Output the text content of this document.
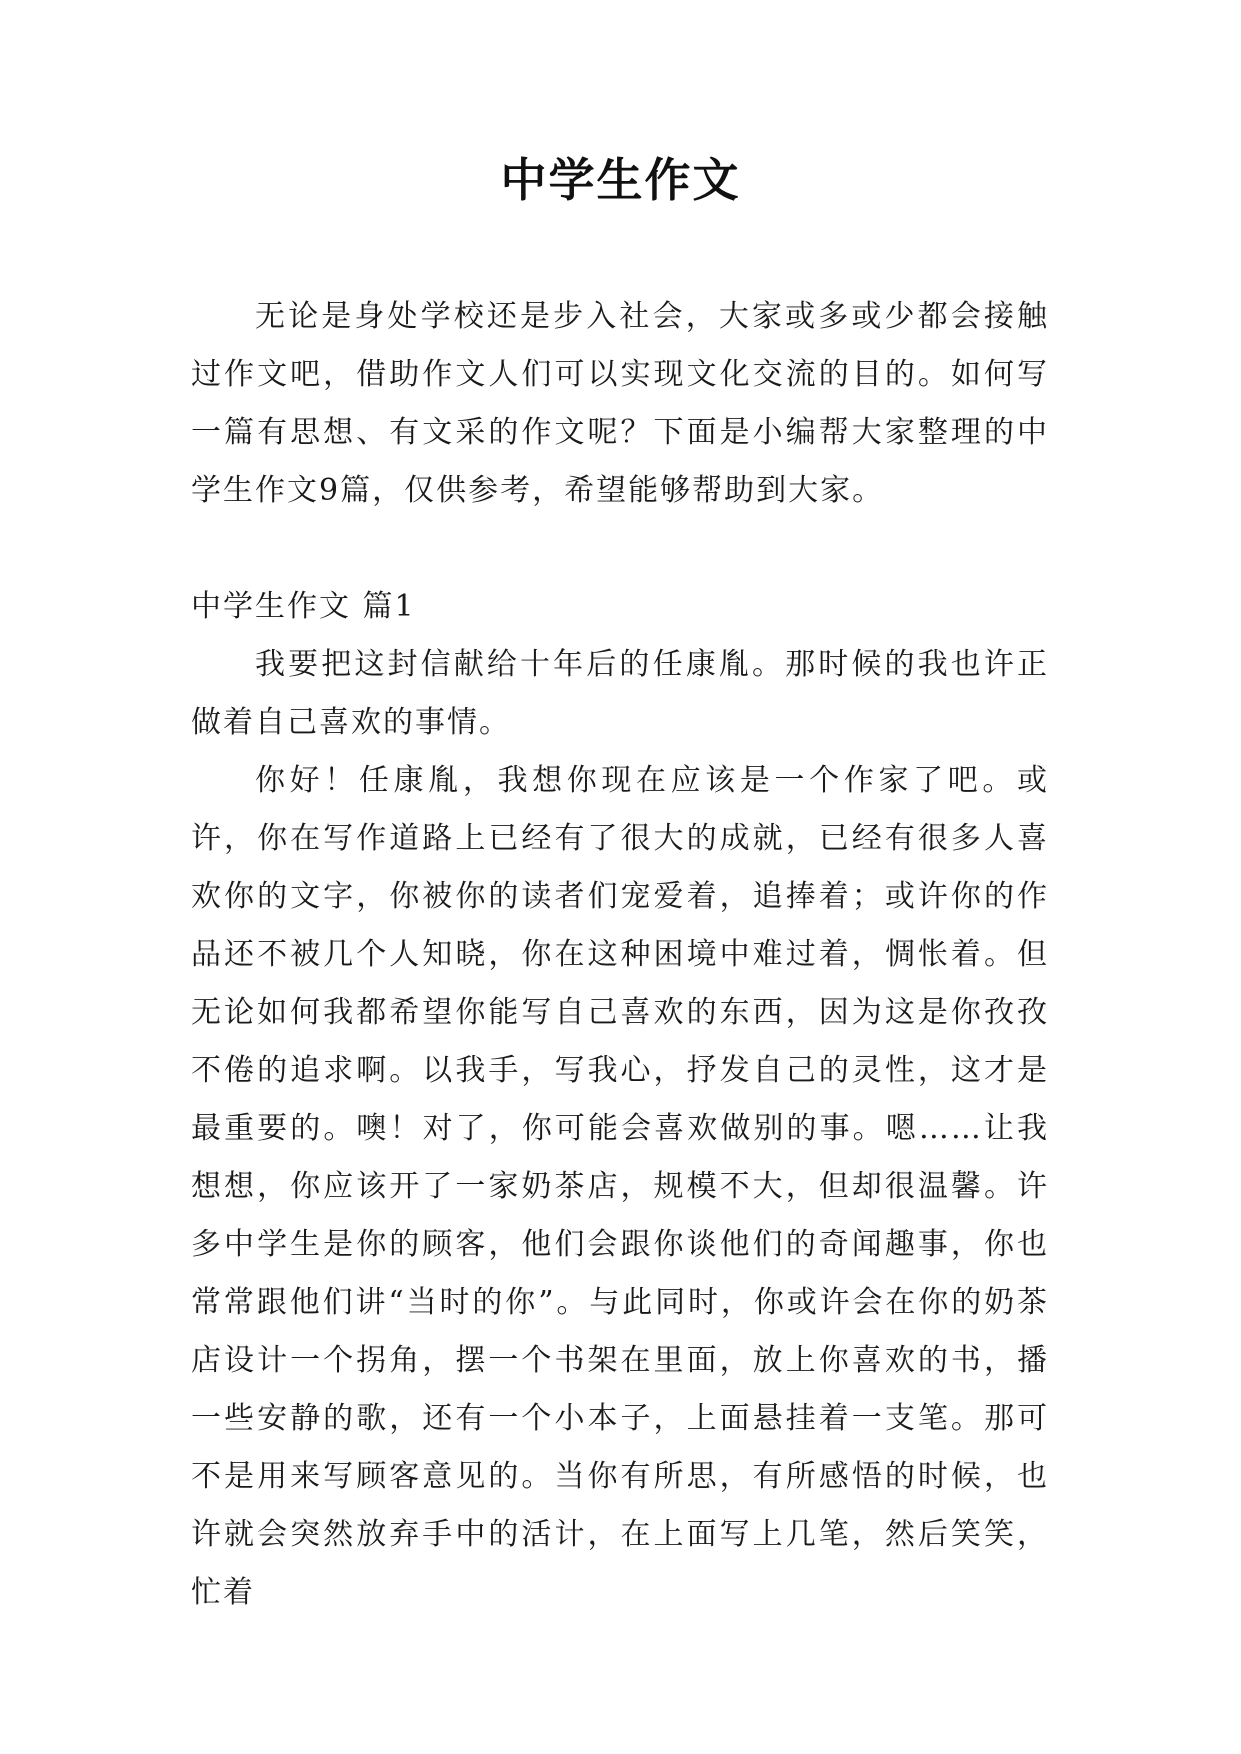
中学生作文

无论是身处学校还是步入社会，大家或多或少都会接触过作文吧，借助作文人们可以实现文化交流的目的。如何写一篇有思想、有文采的作文呢？下面是小编帮大家整理的中学生作文9篇，仅供参考，希望能够帮助到大家。

中学生作文 篇1

我要把这封信献给十年后的任康胤。那时候的我也许正做着自己喜欢的事情。

你好！任康胤，我想你现在应该是一个作家了吧。或许，你在写作道路上已经有了很大的成就，已经有很多人喜欢你的文字，你被你的读者们宠爱着，追捧着；或许你的作品还不被几个人知晓，你在这种困境中难过着，惆怅着。但无论如何我都希望你能写自己喜欢的东西，因为这是你孜孜不倦的追求啊。以我手，写我心，抒发自己的灵性，这才是最重要的。噢！对了，你可能会喜欢做别的事。嗯……让我想想，你应该开了一家奶茶店，规模不大，但却很温馨。许多中学生是你的顾客，他们会跟你谈他们的奇闻趣事，你也常常跟他们讲“当时的你”。与此同时，你或许会在你的奶茶店设计一个拐角，摆一个书架在里面，放上你喜欢的书，播一些安静的歌，还有一个小本子，上面悬挂着一支笔。那可不是用来写顾客意见的。当你有所思，有所感悟的时候，也许就会突然放弃手中的活计，在上面写上几笔，然后笑笑，忙着
